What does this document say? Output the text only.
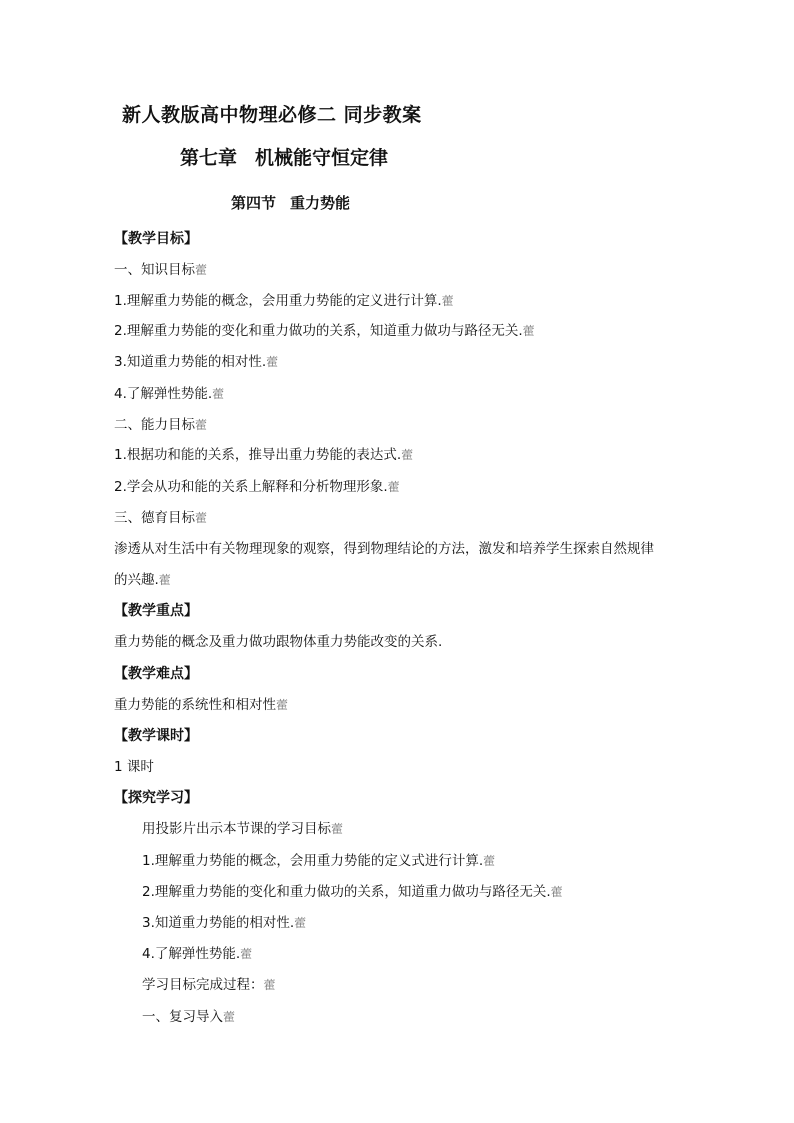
新人教版高中物理必修二 同步教案
第七章 机械能守恒定律
第四节 重力势能
【教学目标】
一、知识目标藿
1.理解重力势能的概念，会用重力势能的定义进行计算.藿
2.理解重力势能的变化和重力做功的关系，知道重力做功与路径无关.藿
3.知道重力势能的相对性.藿
4.了解弹性势能.藿
二、能力目标藿
1.根据功和能的关系，推导出重力势能的表达式.藿
2.学会从功和能的关系上解释和分析物理形象.藿
三、德育目标藿
渗透从对生活中有关物理现象的观察，得到物理结论的方法，激发和培养学生探索自然规律
的兴趣.藿
【教学重点】
重力势能的概念及重力做功跟物体重力势能改变的关系.
【教学难点】
重力势能的系统性和相对性藿
【教学课时】
1 课时
【探究学习】
用投影片出示本节课的学习目标藿
1.理解重力势能的概念，会用重力势能的定义式进行计算.藿
2.理解重力势能的变化和重力做功的关系，知道重力做功与路径无关.藿
3.知道重力势能的相对性.藿
4.了解弹性势能.藿
学习目标完成过程：藿
一、复习导入藿
